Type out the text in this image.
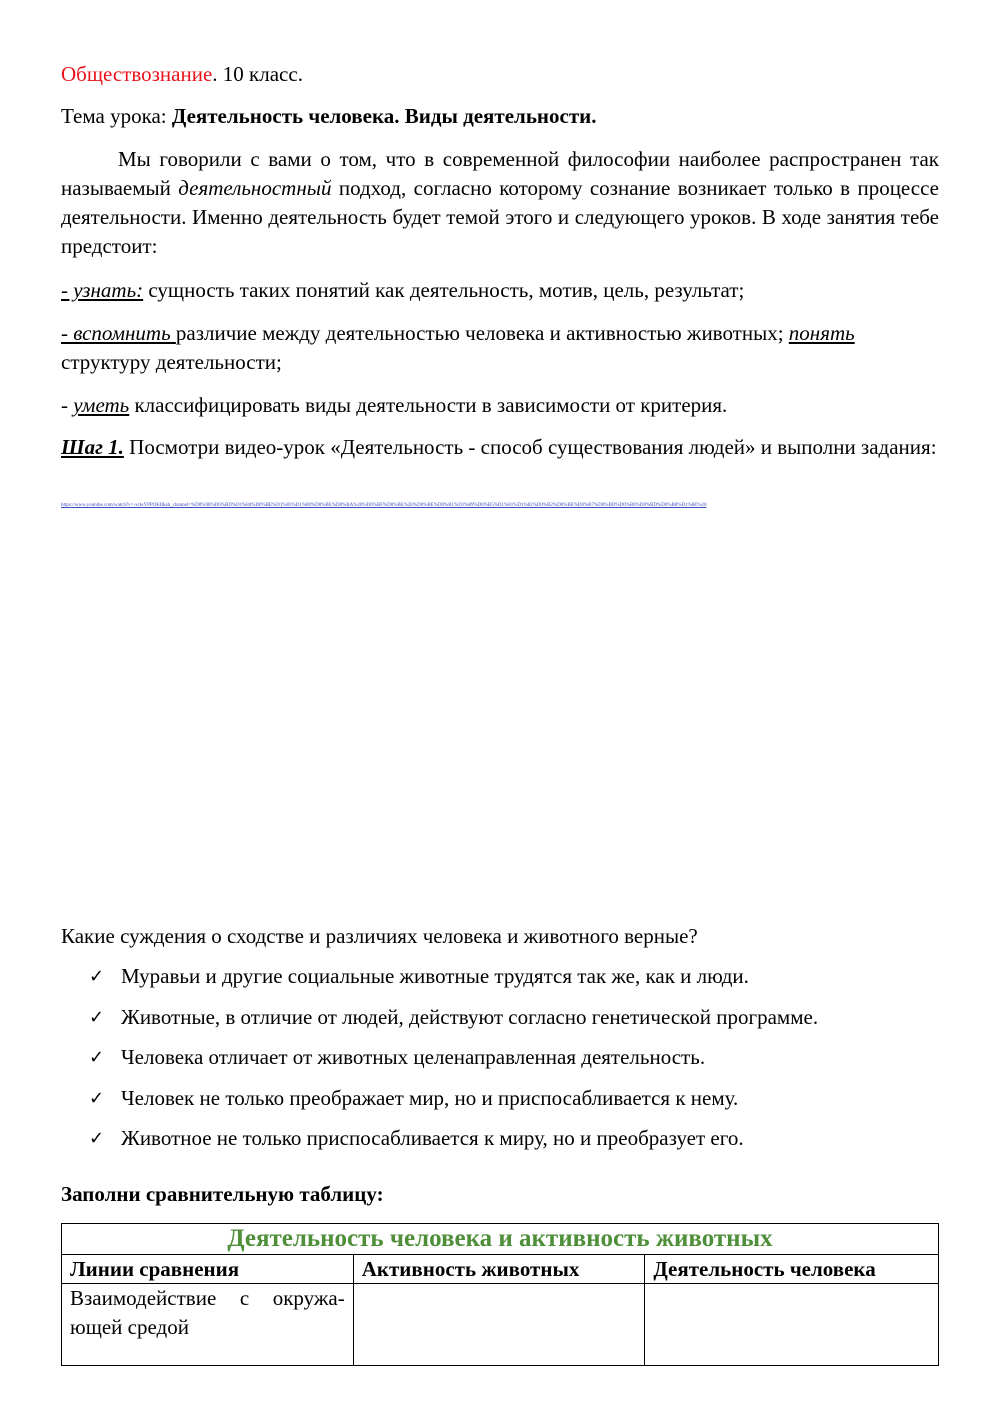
Обществознание. 10 класс.

Тема урока: Деятельность человека. Виды деятельности.

Мы говорили с вами о том, что в современной философии наиболее распространен так называемый деятельностный подход, согласно которому сознание возникает только в процессе деятельности. Именно деятельность будет темой этого и следующего уроков. В ходе занятия тебе предстоит:

- узнать: сущность таких понятий как деятельность, мотив, цель, результат;

- вспомнить различие между деятельностью человека и активностью животных; понять структуру деятельности;

- уметь классифицировать виды деятельности в зависимости от критерия.

Шаг 1. Посмотри видео-урок «Деятельность - способ существования людей» и выполни задания:

https://www.youtube.com/watch?v=-xcleYPPOKI&ab_channel=%D0%98%D0%BD%D1%84%D0%BE%D1%83%D1%80%D0%BE%D0%BA%20%D0%BF%D0%BE%20%D0%BE%D0%B1%D1%89%D0%B5%D1%81%D1%82%D0%B2%D0%BE%D0%B7%D0%BD%D0%B0%D0%BD%D0%B8%D1%8E%20

Какие суждения о сходстве и различиях человека и животного верные?

✓ Муравьи и другие социальные животные трудятся так же, как и люди.
✓ Животные, в отличие от людей, действуют согласно генетической программе.
✓ Человека отличает от животных целенаправленная деятельность.
✓ Человек не только преображает мир, но и приспосабливается к нему.
✓ Животное не только приспосабливается к миру, но и преобразует его.

Заполни сравнительную таблицу:

Деятельность человека и активность животных		
Линии сравнения	Активность животных	Деятельность человека
Взаимодействие с окружающей средой		
